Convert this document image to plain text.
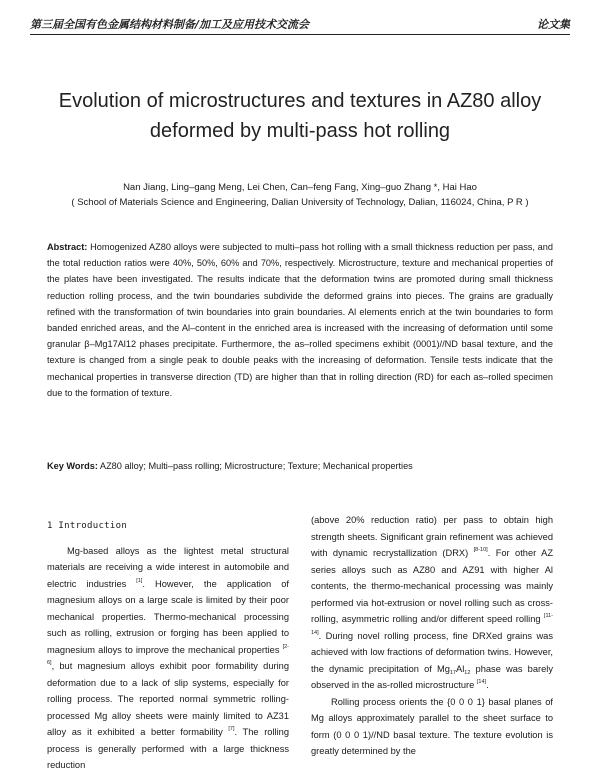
第三届全国有色金属结构材料制备/加工及应用技术交流会	论文集
Evolution of microstructures and textures in AZ80 alloy
deformed by multi-pass hot rolling
Nan Jiang, Ling–gang Meng, Lei Chen, Can–feng Fang, Xing–guo Zhang *, Hai Hao
( School of Materials Science and Engineering, Dalian University of Technology, Dalian, 116024, China, P R )
Abstract: Homogenized AZ80 alloys were subjected to multi–pass hot rolling with a small thickness reduction per pass, and the total reduction ratios were 40%, 50%, 60% and 70%, respectively. Microstructure, texture and mechanical properties of the plates have been investigated. The results indicate that the deformation twins are promoted during small thickness reduction rolling process, and the twin boundaries subdivide the deformed grains into pieces. The grains are gradually refined with the transformation of twin boundaries into grain boundaries. Al elements enrich at the twin boundaries to form banded enriched areas, and the Al–content in the enriched area is increased with the increasing of deformation until some granular β–Mg17Al12 phases precipitate. Furthermore, the as–rolled specimens exhibit (0001)//ND basal texture, and the texture is changed from a single peak to double peaks with the increasing of deformation. Tensile tests indicate that the mechanical properties in transverse direction (TD) are higher than that in rolling direction (RD) for each as–rolled specimen due to the formation of texture.
Key Words: AZ80 alloy; Multi–pass rolling; Microstructure; Texture; Mechanical properties

1 Introduction

Mg-based alloys as the lightest metal structural materials are receiving a wide interest in automobile and electric industries [1]. However, the application of magnesium alloys on a large scale is limited by their poor mechanical properties. Thermo-mechanical processing such as rolling, extrusion or forging has been applied to magnesium alloys to improve the mechanical properties [2-6], but magnesium alloys exhibit poor formability during deformation due to a lack of slip systems, especially for rolling process. The reported normal symmetric rolling-processed Mg alloy sheets were mainly limited to AZ31 alloy as it exhibited a better formability [7]. The rolling process is generally performed with a large thickness reduction

(above 20% reduction ratio) per pass to obtain high strength sheets. Significant grain refinement was achieved with dynamic recrystallization (DRX) [8-10]. For other AZ series alloys such as AZ80 and AZ91 with higher Al contents, the thermo-mechanical processing was mainly performed via hot-extrusion or novel rolling such as cross-rolling, asymmetric rolling and/or different speed rolling [11-14]. During novel rolling process, fine DRXed grains was achieved with low fractions of deformation twins. However, the dynamic precipitation of $Mg_{17}Al_{12}$ phase was barely observed in the as-rolled microstructure [14].

Rolling process orients the {0 0 0 1} basal planes of Mg alloys approximately parallel to the sheet surface to form (0 0 0 1)//ND basal texture. The texture evolution is greatly determined by the
